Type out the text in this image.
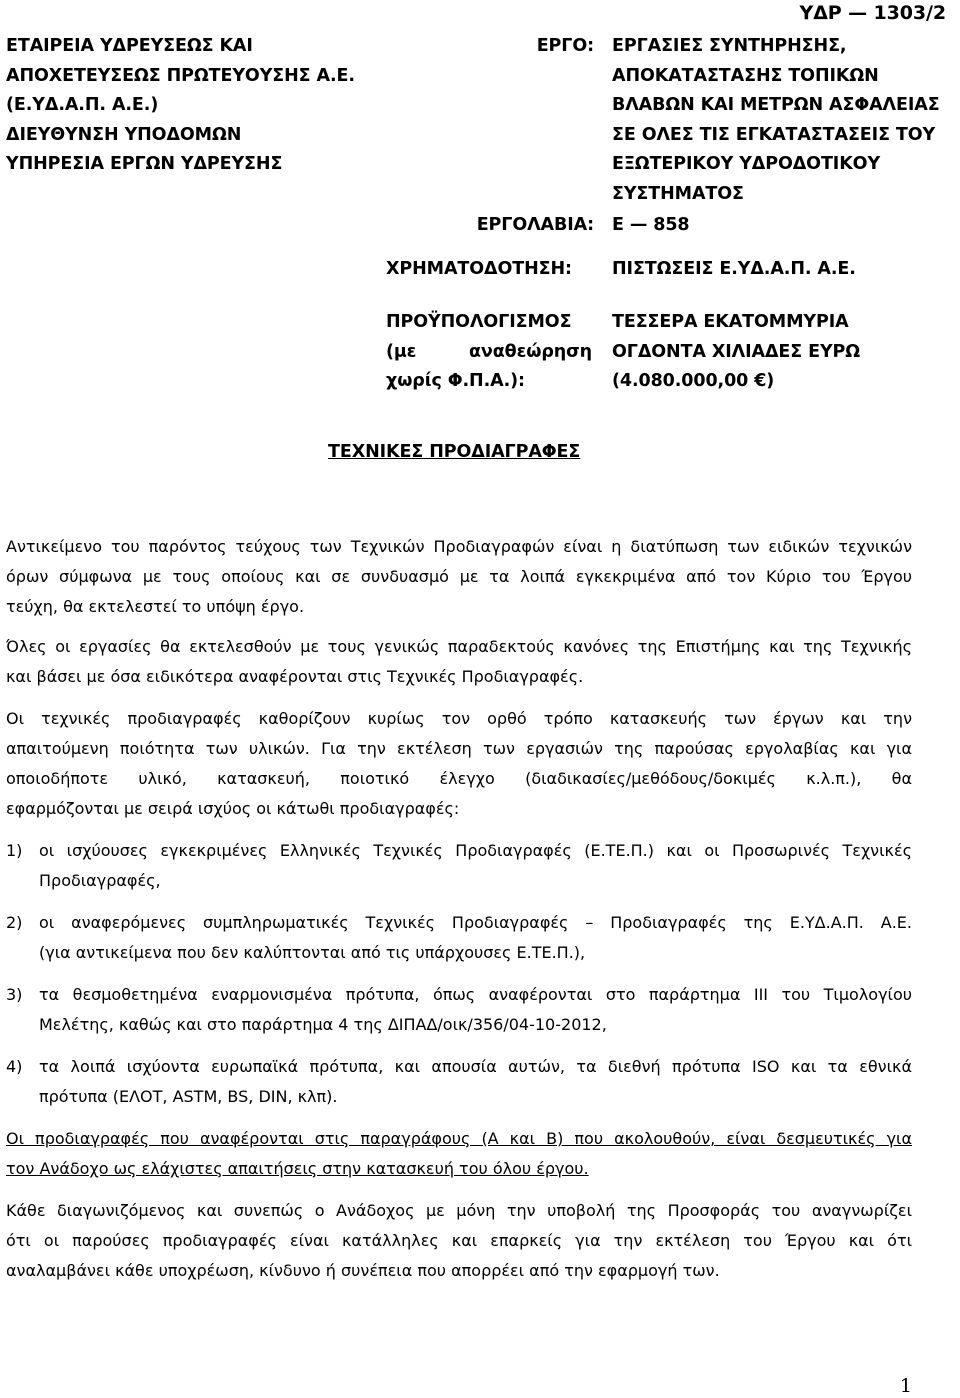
ΥΔΡ — 1303/2
ΕΤΑΙΡΕΙΑ ΥΔΡΕΥΣΕΩΣ ΚΑΙ
ΑΠΟΧΕΤΕΥΣΕΩΣ ΠΡΩΤΕΥΟΥΣΗΣ Α.Ε.
(Ε.ΥΔ.Α.Π. Α.Ε.)
ΔΙΕΥΘΥΝΣΗ ΥΠΟΔΟΜΩΝ
ΥΠΗΡΕΣΙΑ ΕΡΓΩΝ ΥΔΡΕΥΣΗΣ
ΕΡΓΟ: ΕΡΓΑΣΙΕΣ ΣΥΝΤΗΡΗΣΗΣ,
ΑΠΟΚΑΤΑΣΤΑΣΗΣ ΤΟΠΙΚΩΝ
ΒΛΑΒΩΝ ΚΑΙ ΜΕΤΡΩΝ ΑΣΦΑΛΕΙΑΣ
ΣΕ ΟΛΕΣ ΤΙΣ ΕΓΚΑΤΑΣΤΑΣΕΙΣ ΤΟΥ
ΕΞΩΤΕΡΙΚΟΥ ΥΔΡΟΔΟΤΙΚΟΥ
ΣΥΣΤΗΜΑΤΟΣ
ΕΡΓΟΛΑΒΙΑ: Ε — 858
ΧΡΗΜΑΤΟΔΟΤΗΣΗ: ΠΙΣΤΩΣΕΙΣ Ε.ΥΔ.Α.Π. Α.Ε.
ΠΡΟΫΠΟΛΟΓΙΣΜΟΣ
(με	αναθεώρηση
χωρίς Φ.Π.Α.):
ΤΕΣΣΕΡΑ ΕΚΑΤΟΜΜΥΡΙΑ
ΟΓΔΟΝΤΑ ΧΙΛΙΑΔΕΣ ΕΥΡΩ
(4.080.000,00 €)
ΤΕΧΝΙΚΕΣ ΠΡΟΔΙΑΓΡΑΦΕΣ
Αντικείμενο του παρόντος τεύχους των Τεχνικών Προδιαγραφών είναι η διατύπωση των ειδικών τεχνικών
όρων σύμφωνα με τους οποίους και σε συνδυασμό με τα λοιπά εγκεκριμένα από τον Κύριο του Έργου
τεύχη, θα εκτελεστεί το υπόψη έργο.
Όλες οι εργασίες θα εκτελεσθούν με τους γενικώς παραδεκτούς κανόνες της Επιστήμης και της Τεχνικής
και βάσει με όσα ειδικότερα αναφέρονται στις Τεχνικές Προδιαγραφές.
Οι τεχνικές προδιαγραφές καθορίζουν κυρίως τον ορθό τρόπο κατασκευής των έργων και την
απαιτούμενη ποιότητα των υλικών. Για την εκτέλεση των εργασιών της παρούσας εργολαβίας και για
οποιοδήποτε υλικό, κατασκευή, ποιοτικό έλεγχο (διαδικασίες/μεθόδους/δοκιμές κ.λ.π.), θα
εφαρμόζονται με σειρά ισχύος οι κάτωθι προδιαγραφές:
1) οι ισχύουσες εγκεκριμένες Ελληνικές Τεχνικές Προδιαγραφές (Ε.ΤΕ.Π.) και οι Προσωρινές Τεχνικές
Προδιαγραφές,
2) οι αναφερόμενες συμπληρωματικές Τεχνικές Προδιαγραφές – Προδιαγραφές της Ε.ΥΔ.Α.Π. Α.Ε.
(για αντικείμενα που δεν καλύπτονται από τις υπάρχουσες Ε.ΤΕ.Π.),
3) τα θεσμοθετημένα εναρμονισμένα πρότυπα, όπως αναφέρονται στο παράρτημα ΙΙΙ του Τιμολογίου
Μελέτης, καθώς και στο παράρτημα 4 της ΔΙΠΑΔ/οικ/356/04-10-2012,
4) τα λοιπά ισχύοντα ευρωπαϊκά πρότυπα, και απουσία αυτών, τα διεθνή πρότυπα ISO και τα εθνικά
πρότυπα (ΕΛΟΤ, ASTM, BS, DIN, κλπ).
Οι προδιαγραφές που αναφέρονται στις παραγράφους (Α και Β) που ακολουθούν, είναι δεσμευτικές για
τον Ανάδοχο ως ελάχιστες απαιτήσεις στην κατασκευή του όλου έργου.
Κάθε διαγωνιζόμενος και συνεπώς ο Ανάδοχος με μόνη την υποβολή της Προσφοράς του αναγνωρίζει
ότι οι παρούσες προδιαγραφές είναι κατάλληλες και επαρκείς για την εκτέλεση του Έργου και ότι
αναλαμβάνει κάθε υποχρέωση, κίνδυνο ή συνέπεια που απορρέει από την εφαρμογή των.
1
